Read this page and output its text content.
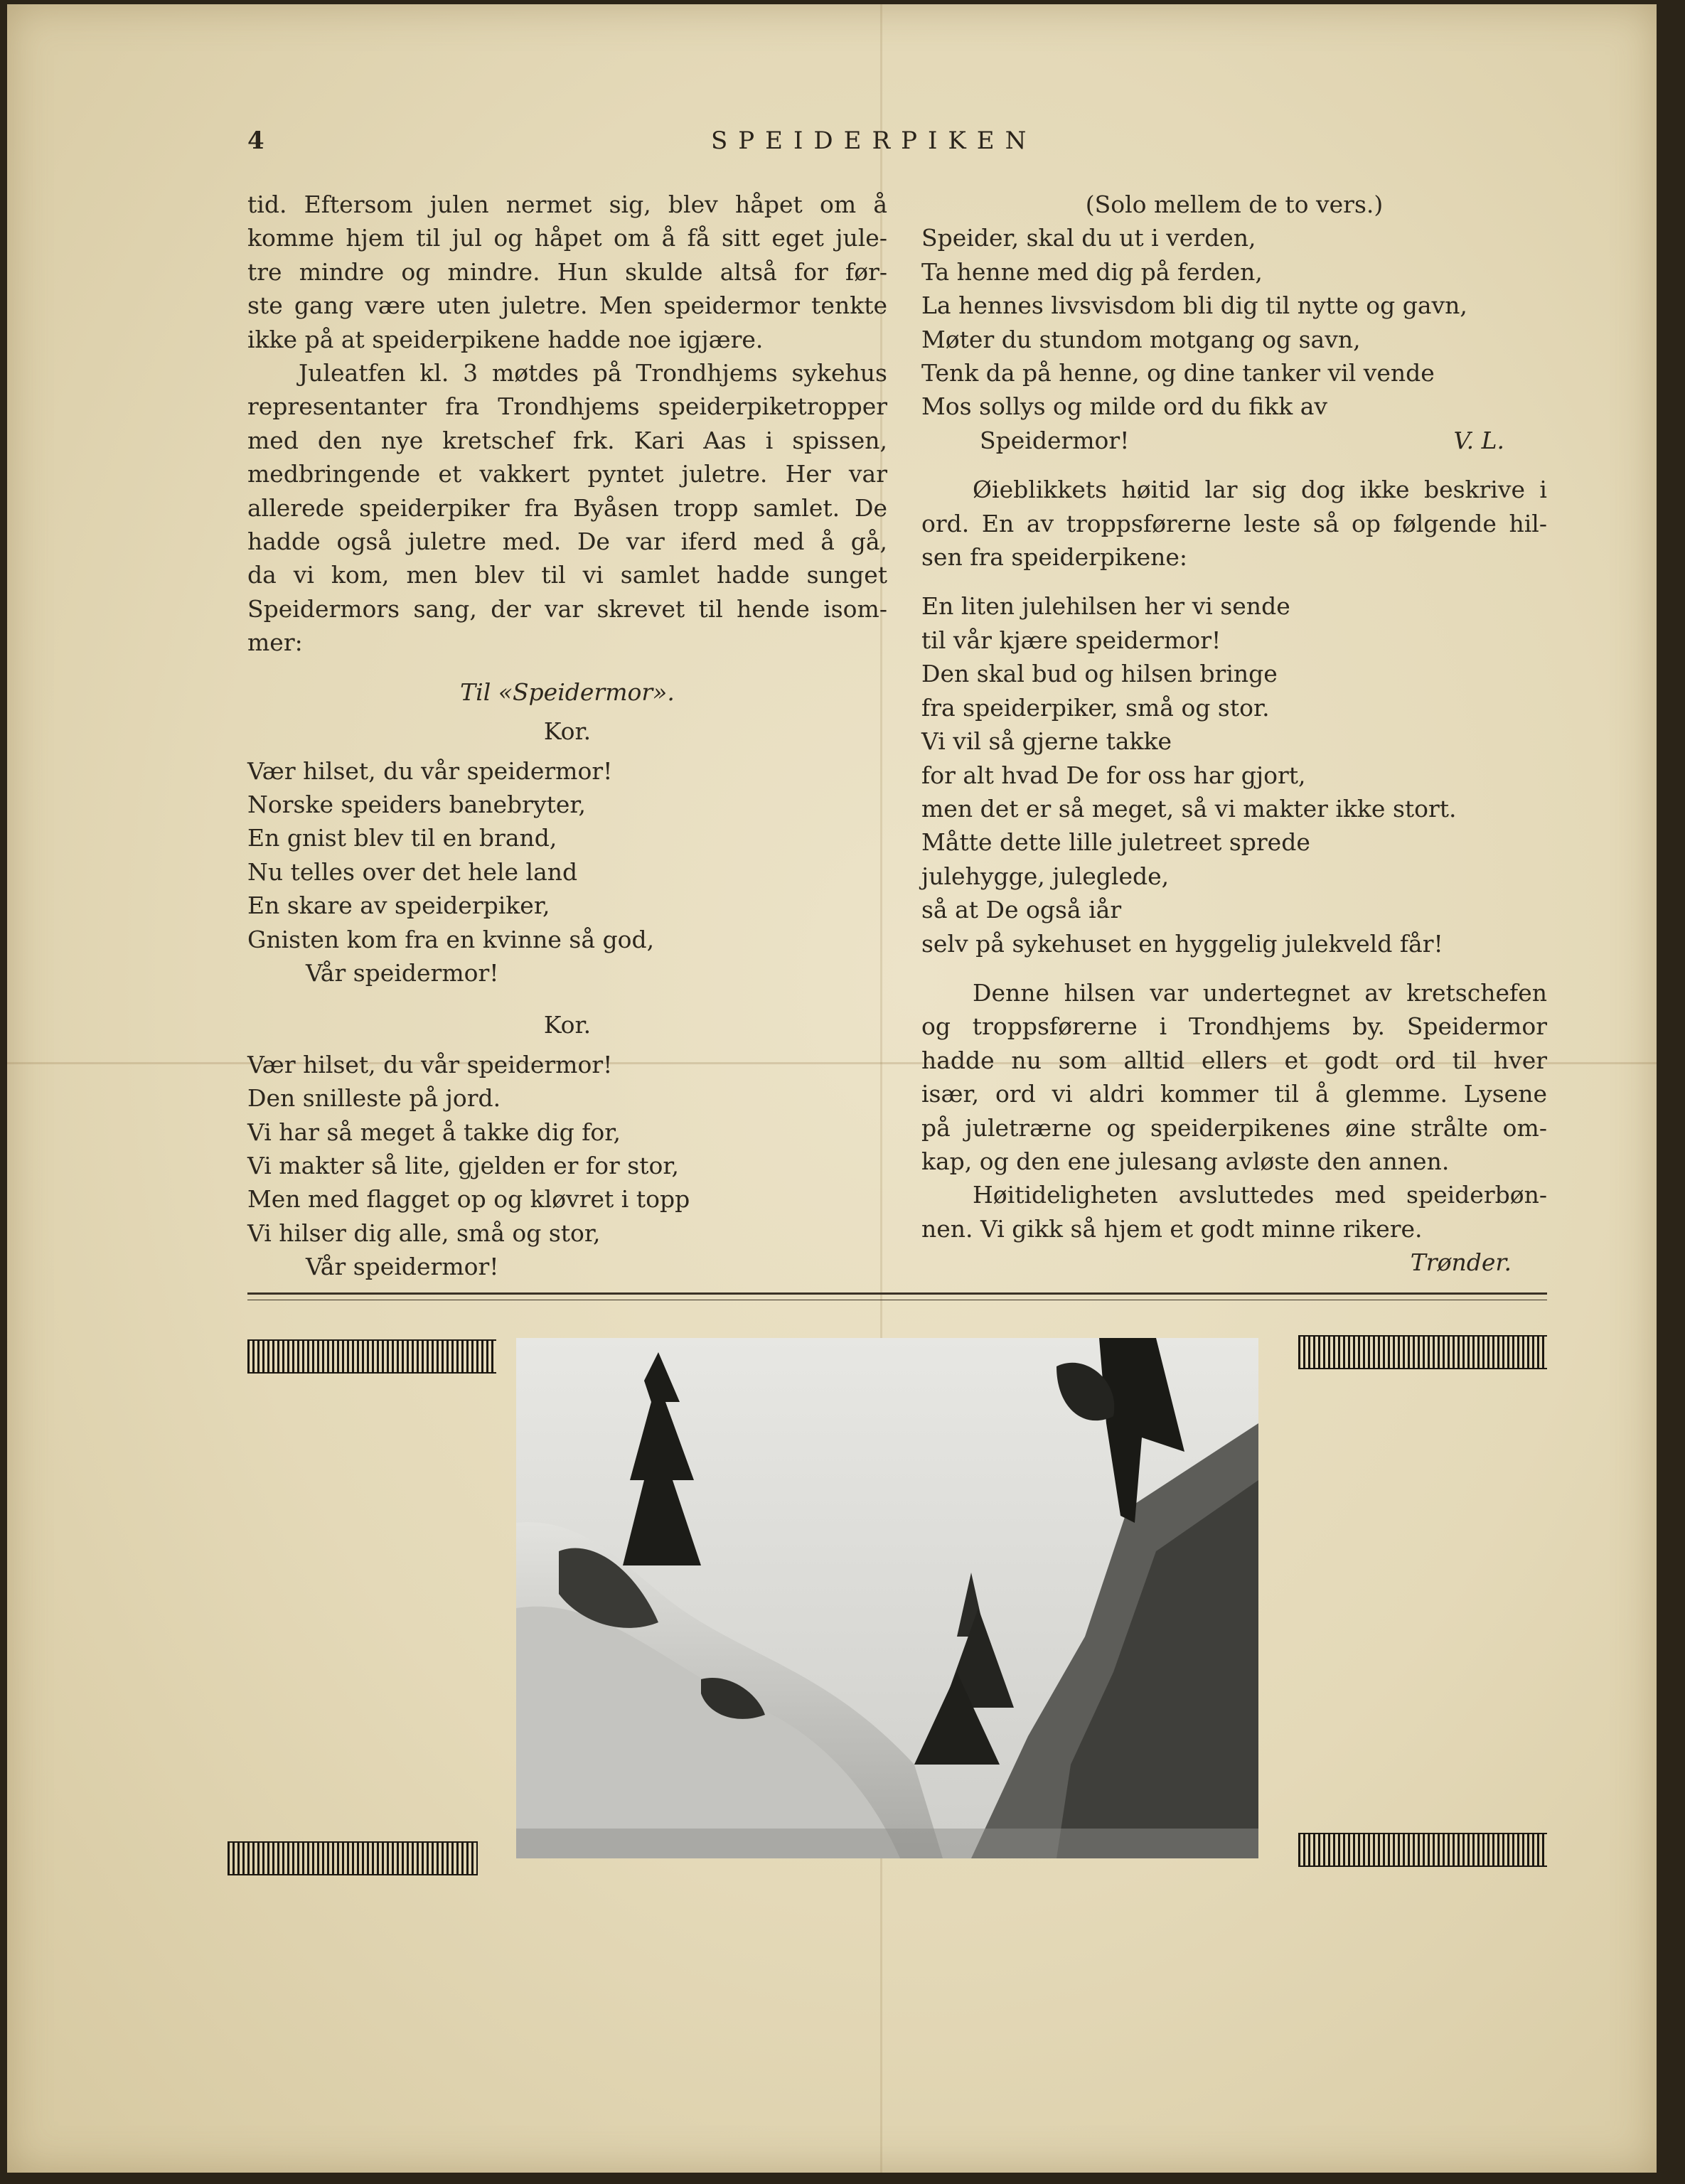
4	SPEIDERPIKEN
tid. Eftersom julen nermet sig, blev håpet om å
komme hjem til jul og håpet om å få sitt eget jule-
tre mindre og mindre. Hun skulde altså for før-
ste gang være uten juletre. Men speidermor tenkte
ikke på at speiderpikene hadde noe igjære.
Juleatfen kl. 3 møtdes på Trondhjems sykehus
representanter fra Trondhjems speiderpiketropper
med den nye kretschef frk. Kari Aas i spissen,
medbringende et vakkert pyntet juletre. Her var
allerede speiderpiker fra Byåsen tropp samlet. De
hadde også juletre med. De var iferd med å gå,
da vi kom, men blev til vi samlet hadde sunget
Speidermors sang, der var skrevet til hende isom-
mer:

Til «Speidermor».

Kor.

Vær hilset, du vår speidermor!
Norske speiders banebryter,
En gnist blev til en brand,
Nu telles over det hele land
En skare av speiderpiker,
Gnisten kom fra en kvinne så god,
Vår speidermor!

Kor.

Vær hilset, du vår speidermor!
Den snilleste på jord.
Vi har så meget å takke dig for,
Vi makter så lite, gjelden er for stor,
Men med flagget op og kløvret i topp
Vi hilser dig alle, små og stor,
Vår speidermor!

(Solo mellem de to vers.)

Speider, skal du ut i verden,
Ta henne med dig på ferden,
La hennes livsvisdom bli dig til nytte og gavn,
Møter du stundom motgang og savn,
Tenk da på henne, og dine tanker vil vende
Mos sollys og milde ord du fikk av
Speidermor!	V. L.
Øieblikkets høitid lar sig dog ikke beskrive i
ord. En av troppsførerne leste så op følgende hil-
sen fra speiderpikene:
En liten julehilsen her vi sende
til vår kjære speidermor!
Den skal bud og hilsen bringe
fra speiderpiker, små og stor.
Vi vil så gjerne takke
for alt hvad De for oss har gjort,
men det er så meget, så vi makter ikke stort.
Måtte dette lille juletreet sprede
julehygge, juleglede,
så at De også iår
selv på sykehuset en hyggelig julekveld får!
Denne hilsen var undertegnet av kretschefen
og troppsførerne i Trondhjems by. Speidermor
hadde nu som alltid ellers et godt ord til hver
især, ord vi aldri kommer til å glemme. Lysene
på juletrærne og speiderpikenes øine strålte om-
kap, og den ene julesang avløste den annen.
Høitideligheten avsluttedes med speiderbøn-
nen. Vi gikk så hjem et godt minne rikere.
Trønder.
